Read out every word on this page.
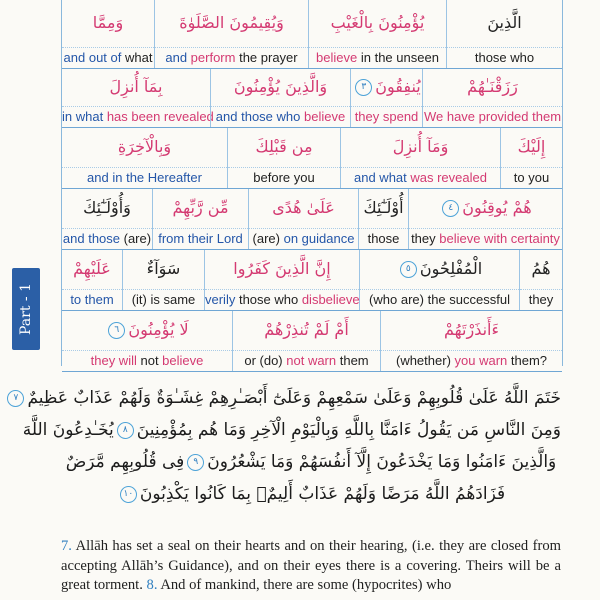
Part - 1
وَمِمَّا
and out of what
وَيُقِيمُونَ الصَّلَوٰةَ
and perform the prayer
يُؤْمِنُونَ بِالْغَيْبِ
believe in the unseen
الَّذِينَ
those who
بِمَآ أُنزِلَ
in what has been revealed
وَالَّذِينَ يُؤْمِنُونَ
and those who believe
يُنفِقُونَ٣
they spend
رَزَقْنَـٰهُمْ
We have provided them
وَبِالْآخِرَةِ
and in the Hereafter
مِن قَبْلِكَ
before you
وَمَآ أُنزِلَ
and what was revealed
إِلَيْكَ
to you
وَأُوْلَـٰٓئِكَ
and those (are)
مِّن رَّبِّهِمْ
from their Lord
عَلَىٰ هُدًى
(are) on guidance
أُوْلَـٰٓئِكَ
those
هُمْ يُوقِنُونَ٤
they believe with certainty
عَلَيْهِمْ
to them
سَوَآءٌ
(it) is same
إِنَّ الَّذِينَ كَفَرُوا
verily those who disbelieve
الْمُفْلِحُونَ٥
(who are) the successful
هُمُ
they
لَا يُؤْمِنُونَ٦
they will not believe
أَمْ لَمْ تُنذِرْهُمْ
or (do) not warn them
ءَأَنذَرْتَهُمْ
(whether) you warn them?
خَتَمَ اللَّهُ عَلَىٰ قُلُوبِهِمْ وَعَلَىٰ سَمْعِهِمْ وَعَلَىٰٓ أَبْصَـٰرِهِمْ غِشَـٰوَةٌ وَلَهُمْ عَذَابٌ عَظِيمٌ٧
وَمِنَ النَّاسِ مَن يَقُولُ ءَامَنَّا بِاللَّهِ وَبِالْيَوْمِ الْآخِرِ وَمَا هُم بِمُؤْمِنِينَ٨يُخَـٰدِعُونَ اللَّهَ
وَالَّذِينَ ءَامَنُوا وَمَا يَخْدَعُونَ إِلَّآ أَنفُسَهُمْ وَمَا يَشْعُرُونَ٩فِى قُلُوبِهِم مَّرَضٌ
فَزَادَهُمُ اللَّهُ مَرَضًا وَلَهُمْ عَذَابٌ أَلِيمٌۢ بِمَا كَانُوا يَكْذِبُونَ١٠
7. Allāh has set a seal on their hearts and on their hearing, (i.e. they are closed from accepting Allāh’s Guidance), and on their eyes there is a covering. Theirs will be a great torment. 8. And of mankind, there are some (hypocrites) who
